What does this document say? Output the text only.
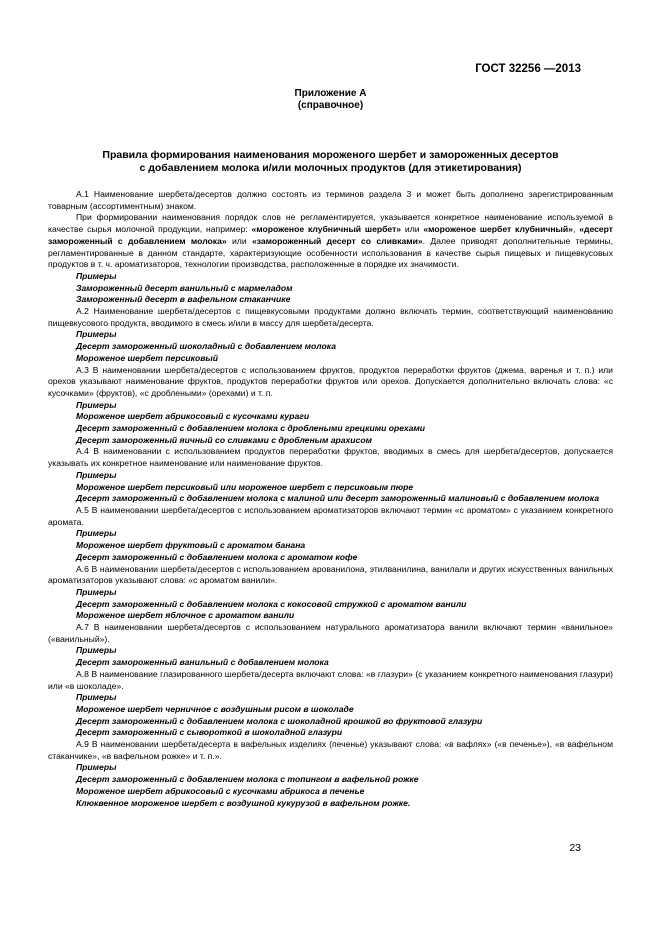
ГОСТ 32256 —2013
Приложение А
(справочное)
Правила формирования наименования мороженого шербет и замороженных десертов
с добавлением молока и/или молочных продуктов (для этикетирования)

А.1 Наименование шербета/десертов должно состоять из терминов раздела 3 и может быть дополнено зарегистрированным товарным (ассортиментным) знаком.

При формировании наименования порядок слов не регламентируется, указывается конкретное наименование используемой в качестве сырья молочной продукции, например: «мороженое клубничный шербет» или «мороженое шербет клубничный», «десерт замороженный с добавлением молока» или «замороженный десерт со сливками». Далее приводят дополнительные термины, регламентированные в данном стандарте, характеризующие особенности использования в качестве сырья пищевых и пищевкусовых продуктов в т. ч. ароматизаторов, технологии производства, расположенные в порядке их значимости.

Примеры

Замороженный десерт ванильный с мармеладом

Замороженный десерт в вафельном стаканчике

А.2 Наименование шербета/десертов с пищевкусовыми продуктами должно включать термин, соответствующий наименованию пищевкусового продукта, вводимого в смесь и/или в массу для шербета/десерта.

Примеры

Десерт замороженный шоколадный с добавлением молока

Мороженое шербет персиковый

А.3 В наименовании шербета/десертов с использованием фруктов, продуктов переработки фруктов (джема, варенья и т. п.) или орехов указывают наименование фруктов, продуктов переработки фруктов или орехов. Допускается дополнительно включать слова: «с кусочками» (фруктов), «с дроблеными» (орехами) и т. п.

Примеры

Мороженое шербет абрикосовый с кусочками кураги

Десерт замороженный с добавлением молока с дроблеными грецкими орехами

Десерт замороженный яичный со сливками с дробленым арахисом

А.4 В наименовании с использованием продуктов переработки фруктов, вводимых в смесь для шербета/десертов, допускается указывать их конкретное наименование или наименование фруктов.

Примеры

Мороженое шербет персиковый или мороженое шербет с персиковым пюре

Десерт замороженный с добавлением молока с малиной или десерт замороженный малиновый с добавлением молока

А.5 В наименовании шербета/десертов с использованием ароматизаторов включают термин «с ароматом» с указанием конкретного аромата.

Примеры

Мороженое шербет фруктовый с ароматом банана

Десерт замороженный с добавлением молока с ароматом кофе

А.6 В наименовании шербета/десертов с использованием арованилона, этилванилина, ванилали и других искусственных ванильных ароматизаторов указывают слова: «с ароматом ванили».

Примеры

Десерт замороженный с добавлением молока с кокосовой стружкой с ароматом ванили

Мороженое шербет яблочное с ароматом ванили

А.7 В наименовании шербета/десертов с использованием натурального ароматизатора ванили включают термин «ванильное» («ванильный»).

Примеры

Десерт замороженный ванильный с добавлением молока

А.8 В наименование глазированного шербета/десерта включают слова: «в глазури» (с указанием конкретного наименования глазури) или «в шоколаде».

Примеры

Мороженое шербет черничное с воздушным рисом в шоколаде

Десерт замороженный с добавлением молока с шоколадной крошкой во фруктовой глазури

Десерт замороженный с сывороткой в шоколадной глазури

А.9 В наименовании шербета/десерта в вафельных изделиях (печенье) указывают слова: «в вафлях» («в печенье»), «в вафельном стаканчике», «в вафельном рожке» и т. п.».

Примеры

Десерт замороженный с добавлением молока с топингом в вафельной рожке

Мороженое шербет абрикосовый с кусочками абрикоса в печенье

Клюквенное мороженое шербет с воздушной кукурузой в вафельном рожке.

23
